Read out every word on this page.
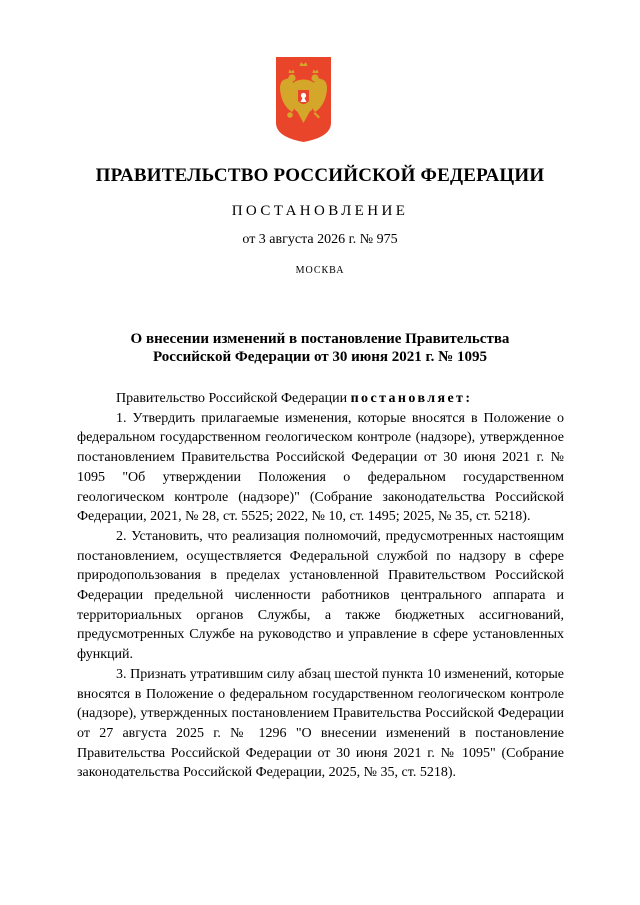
ПРАВИТЕЛЬСТВО РОССИЙСКОЙ ФЕДЕРАЦИИ
ПОСТАНОВЛЕНИЕ
от 3 августа 2026 г. № 975
МОСКВА
О внесении изменений в постановление Правительства
Российской Федерации от 30 июня 2021 г. № 1095
Правительство Российской Федерации постановляет:

1. Утвердить прилагаемые изменения, которые вносятся в Положение о федеральном государственном геологическом контроле (надзоре), утвержденное постановлением Правительства Российской Федерации от 30 июня 2021 г. № 1095 "Об утверждении Положения о федеральном государственном геологическом контроле (надзоре)" (Собрание законодательства Российской Федерации, 2021, № 28, ст. 5525; 2022, № 10, ст. 1495; 2025, № 35, ст. 5218).

2. Установить, что реализация полномочий, предусмотренных настоящим постановлением, осуществляется Федеральной службой по надзору в сфере природопользования в пределах установленной Правительством Российской Федерации предельной численности работников центрального аппарата и территориальных органов Службы, а также бюджетных ассигнований, предусмотренных Службе на руководство и управление в сфере установленных функций.

3. Признать утратившим силу абзац шестой пункта 10 изменений, которые вносятся в Положение о федеральном государственном геологическом контроле (надзоре), утвержденных постановлением Правительства Российской Федерации от 27 августа 2025 г. № 1296 "О внесении изменений в постановление Правительства Российской Федерации от 30 июня 2021 г. № 1095" (Собрание законодательства Российской Федерации, 2025, № 35, ст. 5218).
